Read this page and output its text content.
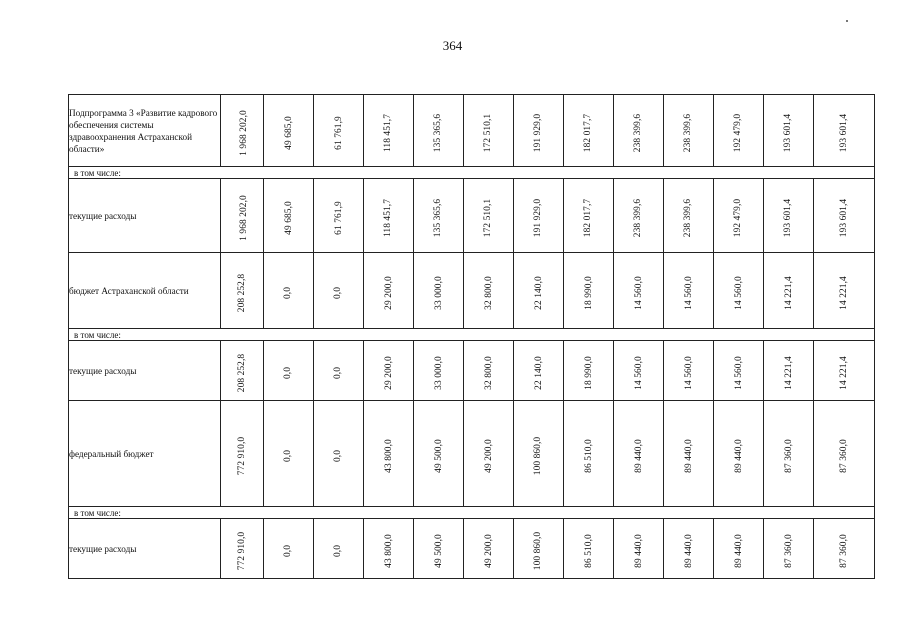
364
Подпрограмма 3 «Развитие кадрового обеспечения системы здравоохранения Астраханской области»	1 968 202,0	49 685,0	61 761,9	118 451,7	135 365,6	172 510,1	191 929,0	182 017,7	238 399,6	238 399,6	192 479,0	193 601,4	193 601,4
в том числе:													
текущие расходы	1 968 202,0	49 685,0	61 761,9	118 451,7	135 365,6	172 510,1	191 929,0	182 017,7	238 399,6	238 399,6	192 479,0	193 601,4	193 601,4
бюджет Астраханской области	208 252,8	0,0	0,0	29 200,0	33 000,0	32 800,0	22 140,0	18 990,0	14 560,0	14 560,0	14 560,0	14 221,4	14 221,4
в том числе:													
текущие расходы	208 252,8	0,0	0,0	29 200,0	33 000,0	32 800,0	22 140,0	18 990,0	14 560,0	14 560,0	14 560,0	14 221,4	14 221,4
федеральный бюджет	772 910,0	0,0	0,0	43 800,0	49 500,0	49 200,0	100 860,0	86 510,0	89 440,0	89 440,0	89 440,0	87 360,0	87 360,0
в том числе:													
текущие расходы	772 910,0	0,0	0,0	43 800,0	49 500,0	49 200,0	100 860,0	86 510,0	89 440,0	89 440,0	89 440,0	87 360,0	87 360,0
